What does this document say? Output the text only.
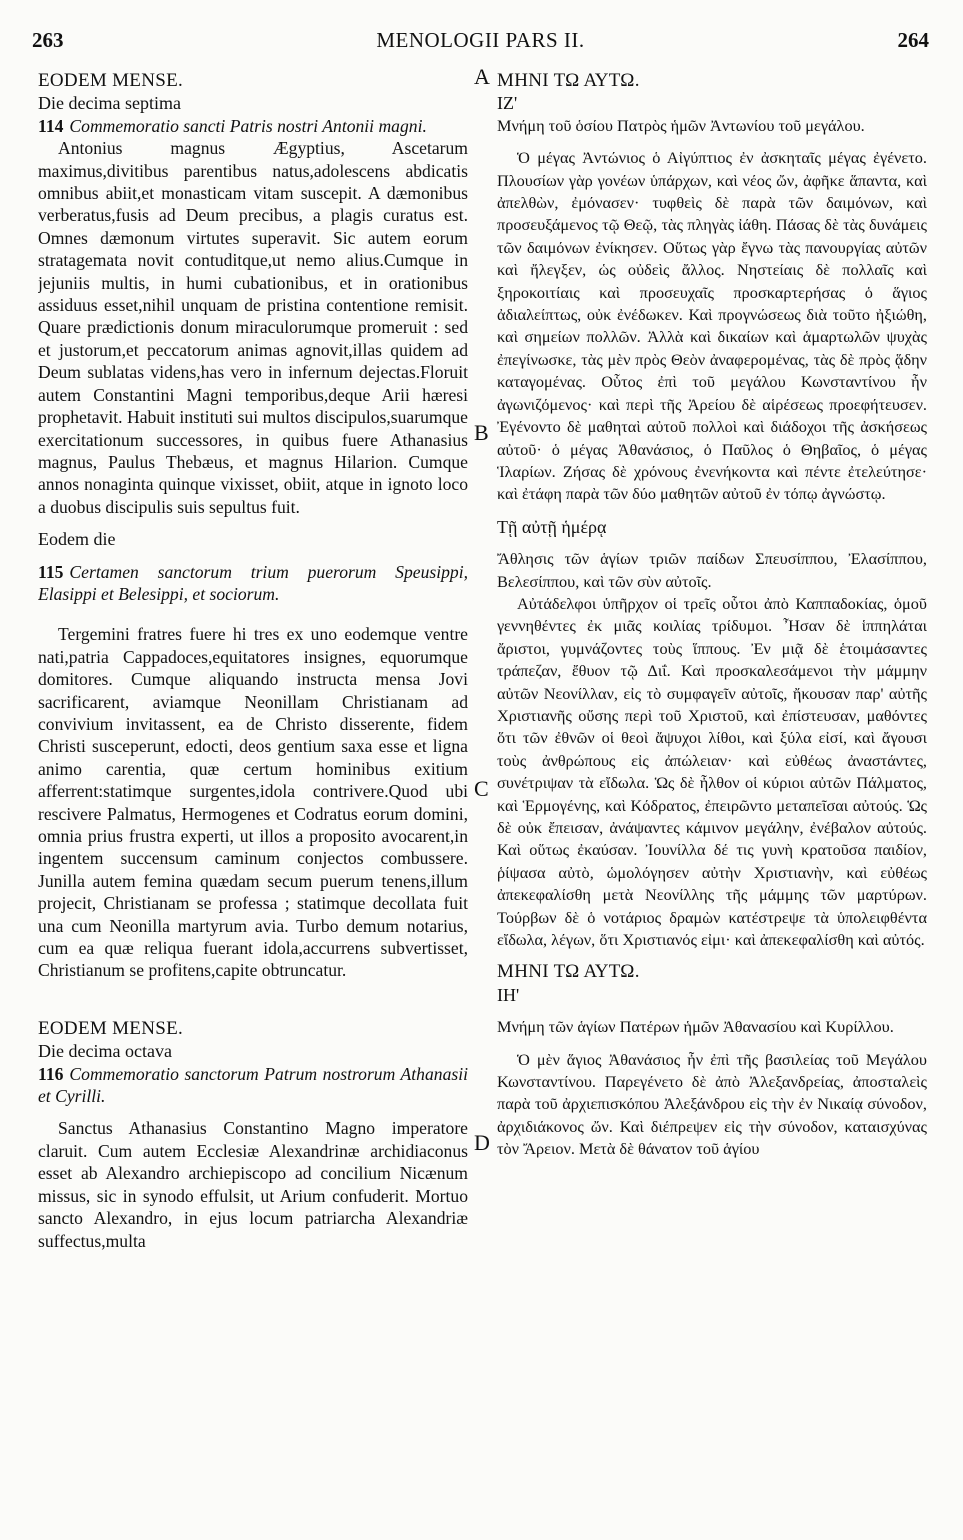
263	MENOLOGII PARS II.	264
A
B
C
D

EODEM MENSE.

Die decima septima

114 Commemoratio sancti Patris nostri Antonii magni.

Antonius magnus Ægyptius, Ascetarum maximus,divitibus parentibus natus,adolescens abdicatis omnibus abiit,et monasticam vitam suscepit. A dæmonibus verberatus,fusis ad Deum precibus, a plagis curatus est. Omnes dæmonum virtutes superavit. Sic autem eorum stratagemata novit contuditque,ut nemo alius.Cumque in jejuniis multis, in humi cubationibus, et in orationibus assiduus esset,nihil unquam de pristina contentione remisit. Quare prædictionis donum miraculorumque promeruit : sed et justorum,et peccatorum animas agnovit,illas quidem ad Deum sublatas videns,has vero in infernum dejectas.Floruit autem Constantini Magni temporibus,deque Arii hæresi prophetavit. Habuit instituti sui multos discipulos,suarumque exercitationum successores, in quibus fuere Athanasius magnus, Paulus Thebæus, et magnus Hilarion. Cumque annos nonaginta quinque vixisset, obiit, atque in ignoto loco a duobus discipulis suis sepultus fuit.

Eodem die

115 Certamen sanctorum trium puerorum Speusippi, Elasippi et Belesippi, et sociorum.

Tergemini fratres fuere hi tres ex uno eodemque ventre nati,patria Cappadoces,equitatores insignes, equorumque domitores. Cumque aliquando instructa mensa Jovi sacrificarent, aviamque Neonillam Christianam ad convivium invitassent, ea de Christo disserente, fidem Christi susceperunt, edocti, deos gentium saxa esse et ligna animo carentia, quæ certum hominibus exitium afferrent:statimque surgentes,idola contrivere.Quod ubi rescivere Palmatus, Hermogenes et Codratus eorum domini, omnia prius frustra experti, ut illos a proposito avocarent,in ingentem succensum caminum conjectos combussere. Junilla autem femina quædam secum puerum tenens,illum projecit, Christianam se professa ; statimque decollata fuit una cum Neonilla martyrum avia. Turbo demum notarius, cum ea quæ reliqua fuerant idola,accurrens subvertisset, Christianum se profitens,capite obtruncatur.

EODEM MENSE.

Die decima octava

116 Commemoratio sanctorum Patrum nostrorum Athanasii et Cyrilli.

Sanctus Athanasius Constantino Magno imperatore claruit. Cum autem Ecclesiæ Alexandrinæ archidiaconus esset ab Alexandro archiepiscopo ad concilium Nicænum missus, sic in synodo effulsit, ut Arium confuderit. Mortuo sancto Alexandro, in ejus locum patriarcha Alexandriæ suffectus,multa

ΜΗΝΙ ΤΩ ΑΥΤΩ.

ΙΖ'

Μνήμη τοῦ ὁσίου Πατρὸς ἡμῶν Ἀντωνίου τοῦ μεγάλου.

Ὁ μέγας Ἀντώνιος ὁ Αἰγύπτιος ἐν ἀσκηταῖς μέγας ἐγένετο. Πλουσίων γὰρ γονέων ὑπάρχων, καὶ νέος ὤν, ἀφῆκε ἅπαντα, καὶ ἀπελθὼν, ἐμόνασεν· τυφθεὶς δὲ παρὰ τῶν δαιμόνων, καὶ προσευξάμενος τῷ Θεῷ, τὰς πληγὰς ἰάθη. Πάσας δὲ τὰς δυνάμεις τῶν δαιμόνων ἐνίκησεν. Οὕτως γὰρ ἔγνω τὰς πανουργίας αὐτῶν καὶ ἤλεγξεν, ὡς οὐδεὶς ἄλλος. Νηστείαις δὲ πολλαῖς καὶ ξηροκοιτίαις καὶ προσευχαῖς προσκαρτερήσας ὁ ἅγιος ἀδιαλείπτως, οὐκ ἐνέδωκεν. Καὶ προγνώσεως διὰ τοῦτο ἠξιώθη, καὶ σημείων πολλῶν. Ἀλλὰ καὶ δικαίων καὶ ἁμαρτωλῶν ψυχὰς ἐπεγίνωσκε, τὰς μὲν πρὸς Θεὸν ἀναφερομένας, τὰς δὲ πρὸς ᾅδην καταγομένας. Οὗτος ἐπὶ τοῦ μεγάλου Κωνσταντίνου ἦν ἀγωνιζόμενος· καὶ περὶ τῆς Ἀρείου δὲ αἱρέσεως προεφήτευσεν. Ἐγένοντο δὲ μαθηταὶ αὐτοῦ πολλοὶ καὶ διάδοχοι τῆς ἀσκήσεως αὐτοῦ· ὁ μέγας Ἀθανάσιος, ὁ Παῦλος ὁ Θηβαῖος, ὁ μέγας Ἱλαρίων. Ζήσας δὲ χρόνους ἐνενήκοντα καὶ πέντε ἐτελεύτησε· καὶ ἐτάφη παρὰ τῶν δύο μαθητῶν αὐτοῦ ἐν τόπῳ ἀγνώστῳ.

Τῇ αὐτῇ ἡμέρᾳ

Ἄθλησις τῶν ἁγίων τριῶν παίδων Σπευσίππου, Ἐλασίππου, Βελεσίππου, καὶ τῶν σὺν αὐτοῖς.

Αὐτάδελφοι ὑπῆρχον οἱ τρεῖς οὗτοι ἀπὸ Καππαδοκίας, ὁμοῦ γεννηθέντες ἐκ μιᾶς κοιλίας τρίδυμοι. Ἦσαν δὲ ἱππηλάται ἄριστοι, γυμνάζοντες τοὺς ἵππους. Ἐν μιᾷ δὲ ἑτοιμάσαντες τράπεζαν, ἔθυον τῷ Διΐ. Καὶ προσκαλεσάμενοι τὴν μάμμην αὐτῶν Νεονίλλαν, εἰς τὸ συμφαγεῖν αὐτοῖς, ἤκουσαν παρ' αὐτῆς Χριστιανῆς οὔσης περὶ τοῦ Χριστοῦ, καὶ ἐπίστευσαν, μαθόντες ὅτι τῶν ἐθνῶν οἱ θεοὶ ἄψυχοι λίθοι, καὶ ξύλα εἰσί, καὶ ἄγουσι τοὺς ἀνθρώπους εἰς ἀπώλειαν· καὶ εὐθέως ἀναστάντες, συνέτριψαν τὰ εἴδωλα. Ὡς δὲ ἦλθον οἱ κύριοι αὐτῶν Πάλματος, καὶ Ἑρμογένης, καὶ Κόδρατος, ἐπειρῶντο μεταπεῖσαι αὐτούς. Ὡς δὲ οὐκ ἔπεισαν, ἀνάψαντες κάμινον μεγάλην, ἐνέβαλον αὐτούς. Καὶ οὕτως ἐκαύσαν. Ἰουνίλλα δέ τις γυνὴ κρατοῦσα παιδίον, ῥίψασα αὐτὸ, ὡμολόγησεν αὐτὴν Χριστιανὴν, καὶ εὐθέως ἀπεκεφαλίσθη μετὰ Νεονίλλης τῆς μάμμης τῶν μαρτύρων. Τούρβων δὲ ὁ νοτάριος δραμὼν κατέστρεψε τὰ ὑπολειφθέντα εἴδωλα, λέγων, ὅτι Χριστιανός εἰμι· καὶ ἀπεκεφαλίσθη καὶ αὐτός.

ΜΗΝΙ ΤΩ ΑΥΤΩ.

ΙΗ'

Μνήμη τῶν ἁγίων Πατέρων ἡμῶν Ἀθανασίου καὶ Κυρίλλου.

Ὁ μὲν ἅγιος Ἀθανάσιος ἦν ἐπὶ τῆς βασιλείας τοῦ Μεγάλου Κωνσταντίνου. Παρεγένετο δὲ ἀπὸ Ἀλεξανδρείας, ἀποσταλεὶς παρὰ τοῦ ἀρχιεπισκόπου Ἀλεξάνδρου εἰς τὴν ἐν Νικαίᾳ σύνοδον, ἀρχιδιάκονος ὤν. Καὶ διέπρεψεν εἰς τὴν σύνοδον, καταισχύνας τὸν Ἄρειον. Μετὰ δὲ θάνατον τοῦ ἁγίου
